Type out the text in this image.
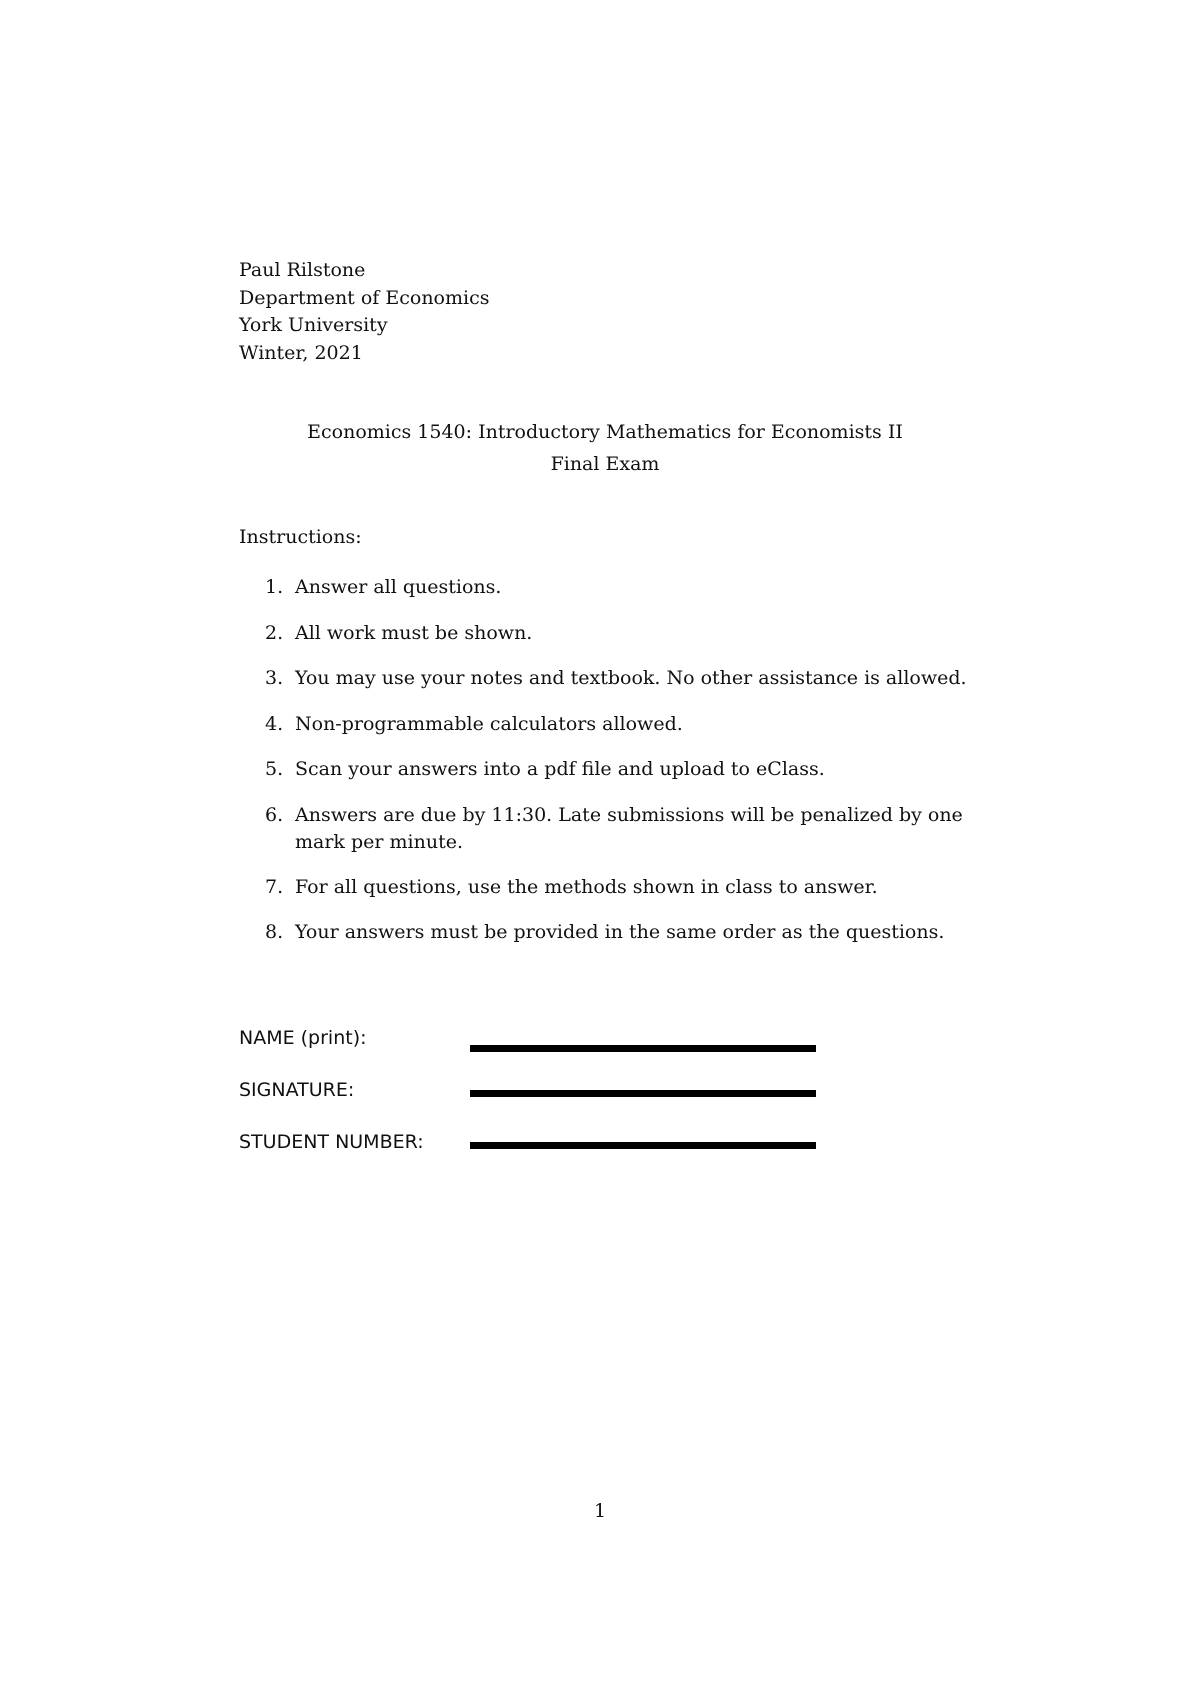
Paul Rilstone
Department of Economics
York University
Winter, 2021
Economics 1540: Introductory Mathematics for Economists II
Final Exam
Instructions:
1. Answer all questions.
2. All work must be shown.
3. You may use your notes and textbook. No other assistance is allowed.
4. Non-programmable calculators allowed.
5. Scan your answers into a pdf file and upload to eClass.
6. Answers are due by 11:30. Late submissions will be penalized by one mark per minute.
7. For all questions, use the methods shown in class to answer.
8. Your answers must be provided in the same order as the questions.
NAME (print):
SIGNATURE:
STUDENT NUMBER:
1
